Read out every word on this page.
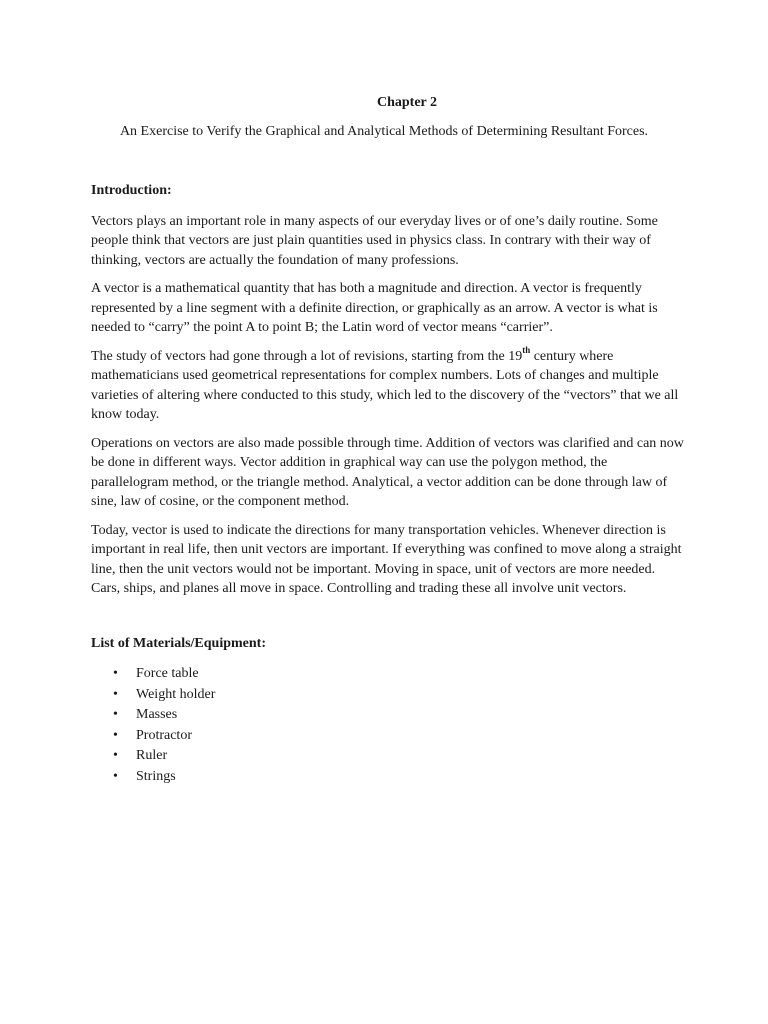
Chapter 2
An Exercise to Verify the Graphical and Analytical Methods of Determining Resultant Forces.
Introduction:

Vectors plays an important role in many aspects of our everyday lives or of one’s daily routine. Some people think that vectors are just plain quantities used in physics class. In contrary with their way of thinking, vectors are actually the foundation of many professions.

A vector is a mathematical quantity that has both a magnitude and direction. A vector is frequently represented by a line segment with a definite direction, or graphically as an arrow. A vector is what is needed to “carry” the point A to point B; the Latin word of vector means “carrier”.

The study of vectors had gone through a lot of revisions, starting from the 19th century where mathematicians used geometrical representations for complex numbers. Lots of changes and multiple varieties of altering where conducted to this study, which led to the discovery of the “vectors” that we all know today.

Operations on vectors are also made possible through time. Addition of vectors was clarified and can now be done in different ways. Vector addition in graphical way can use the polygon method, the parallelogram method, or the triangle method. Analytical, a vector addition can be done through law of sine, law of cosine, or the component method.

Today, vector is used to indicate the directions for many transportation vehicles. Whenever direction is important in real life, then unit vectors are important. If everything was confined to move along a straight line, then the unit vectors would not be important. Moving in space, unit of vectors are more needed. Cars, ships, and planes all move in space. Controlling and trading these all involve unit vectors.

List of Materials/Equipment:
• Force table
• Weight holder
• Masses
• Protractor
• Ruler
• Strings
